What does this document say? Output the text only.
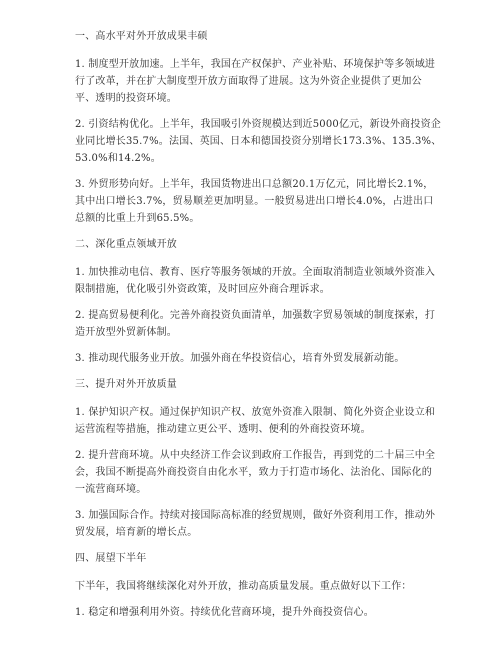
一、高水平对外开放成果丰硕

1. 制度型开放加速。上半年，我国在产权保护、产业补贴、环境保护等多领域进行了改革，并在扩大制度型开放方面取得了进展。这为外资企业提供了更加公平、透明的投资环境。

2. 引资结构优化。上半年，我国吸引外资规模达到近5000亿元，新设外商投资企业同比增长35.7%。法国、英国、日本和德国投资分别增长173.3%、135.3%、53.0%和14.2%。

3. 外贸形势向好。上半年，我国货物进出口总额20.1万亿元，同比增长2.1%，其中出口增长3.7%，贸易顺差更加明显。一般贸易进出口增长4.0%，占进出口总额的比重上升到65.5%。

二、深化重点领域开放

1. 加快推动电信、教育、医疗等服务领域的开放。全面取消制造业领域外资准入限制措施，优化吸引外资政策，及时回应外商合理诉求。

2. 提高贸易便利化。完善外商投资负面清单，加强数字贸易领域的制度探索，打造开放型外贸新体制。

3. 推动现代服务业开放。加强外商在华投资信心，培育外贸发展新动能。

三、提升对外开放质量

1. 保护知识产权。通过保护知识产权、放宽外资准入限制、简化外资企业设立和运营流程等措施，推动建立更公平、透明、便利的外商投资环境。

2. 提升营商环境。从中央经济工作会议到政府工作报告，再到党的二十届三中全会，我国不断提高外商投资自由化水平，致力于打造市场化、法治化、国际化的一流营商环境。

3. 加强国际合作。持续对接国际高标准的经贸规则，做好外资利用工作，推动外贸发展，培育新的增长点。

四、展望下半年

下半年，我国将继续深化对外开放，推动高质量发展。重点做好以下工作：

1. 稳定和增强利用外资。持续优化营商环境，提升外商投资信心。
